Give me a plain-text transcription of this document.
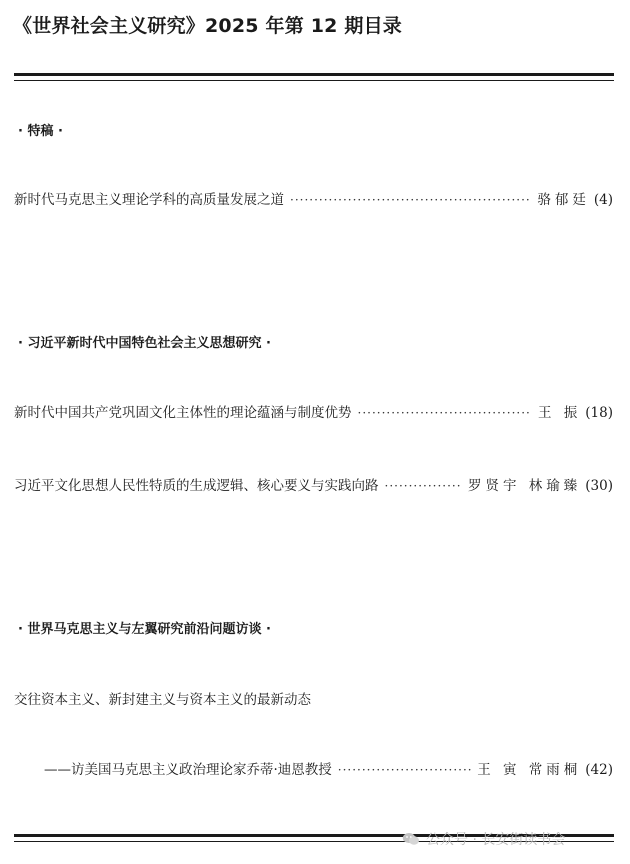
《世界社会主义研究》2025 年第 12 期目录
· 特稿 ·
新时代马克思主义理论学科的高质量发展之道 ·····	骆郁廷 (4)
· 习近平新时代中国特色社会主义思想研究 ·
新时代中国共产党巩固文化主体性的理论蕴涵与制度优势 ·····	王 振 (18)
习近平文化思想人民性特质的生成逻辑、核心要义与实践向路 ·····	罗贤宇 林瑜臻 (30)
· 世界马克思主义与左翼研究前沿问题访谈 ·
交往资本主义、新封建主义与资本主义的最新动态
——访美国马克思主义政治理论家乔蒂·迪恩教授 ·····	王 寅 常雨桐 (42)
公众号 · 长安街读书会
